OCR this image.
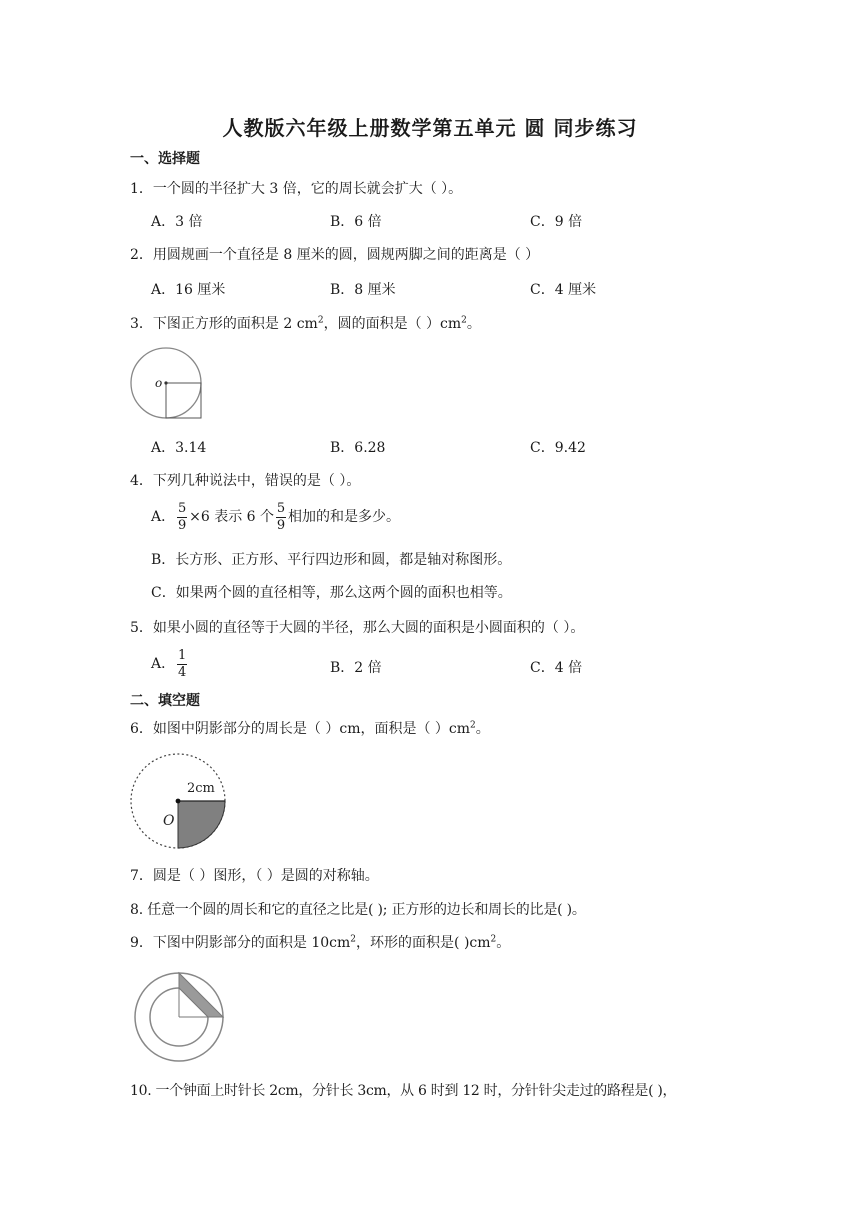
人教版六年级上册数学第五单元 圆 同步练习
一、选择题
1．一个圆的半径扩大 3 倍，它的周长就会扩大（ ）。
A．3 倍	B．6 倍	C．9 倍
2．用圆规画一个直径是 8 厘米的圆，圆规两脚之间的距离是（ ）
A．16 厘米	B．8 厘米	C．4 厘米
3．下图正方形的面积是 2 $cm^2$，圆的面积是（ ）$cm^2$。
o
A．3.14	B．6.28	C．9.42
4．下列几种说法中，错误的是（ ）。
A． $\frac{5}{9} \times 6$ 表示 6 个 $\frac{5}{9}$ 相加的和是多少。
B．长方形、正方形、平行四边形和圆，都是轴对称图形。
C．如果两个圆的直径相等，那么这两个圆的面积也相等。
5．如果小圆的直径等于大圆的半径，那么大圆的面积是小圆面积的（ ）。
A． $\frac{1}{4}$	B．2 倍	C．4 倍
二、填空题
6．如图中阴影部分的周长是（ ）cm，面积是（ ）$cm^2$。
2cm
O
7．圆是（ ）图形，（ ）是圆的对称轴。
8. 任意一个圆的周长和它的直径之比是( ); 正方形的边长和周长的比是( )。
9．下图中阴影部分的面积是 $10cm^2$，环形的面积是( )$cm^2$。
10. 一个钟面上时针长 2cm，分针长 3cm，从 6 时到 12 时，分针针尖走过的路程是( )，
